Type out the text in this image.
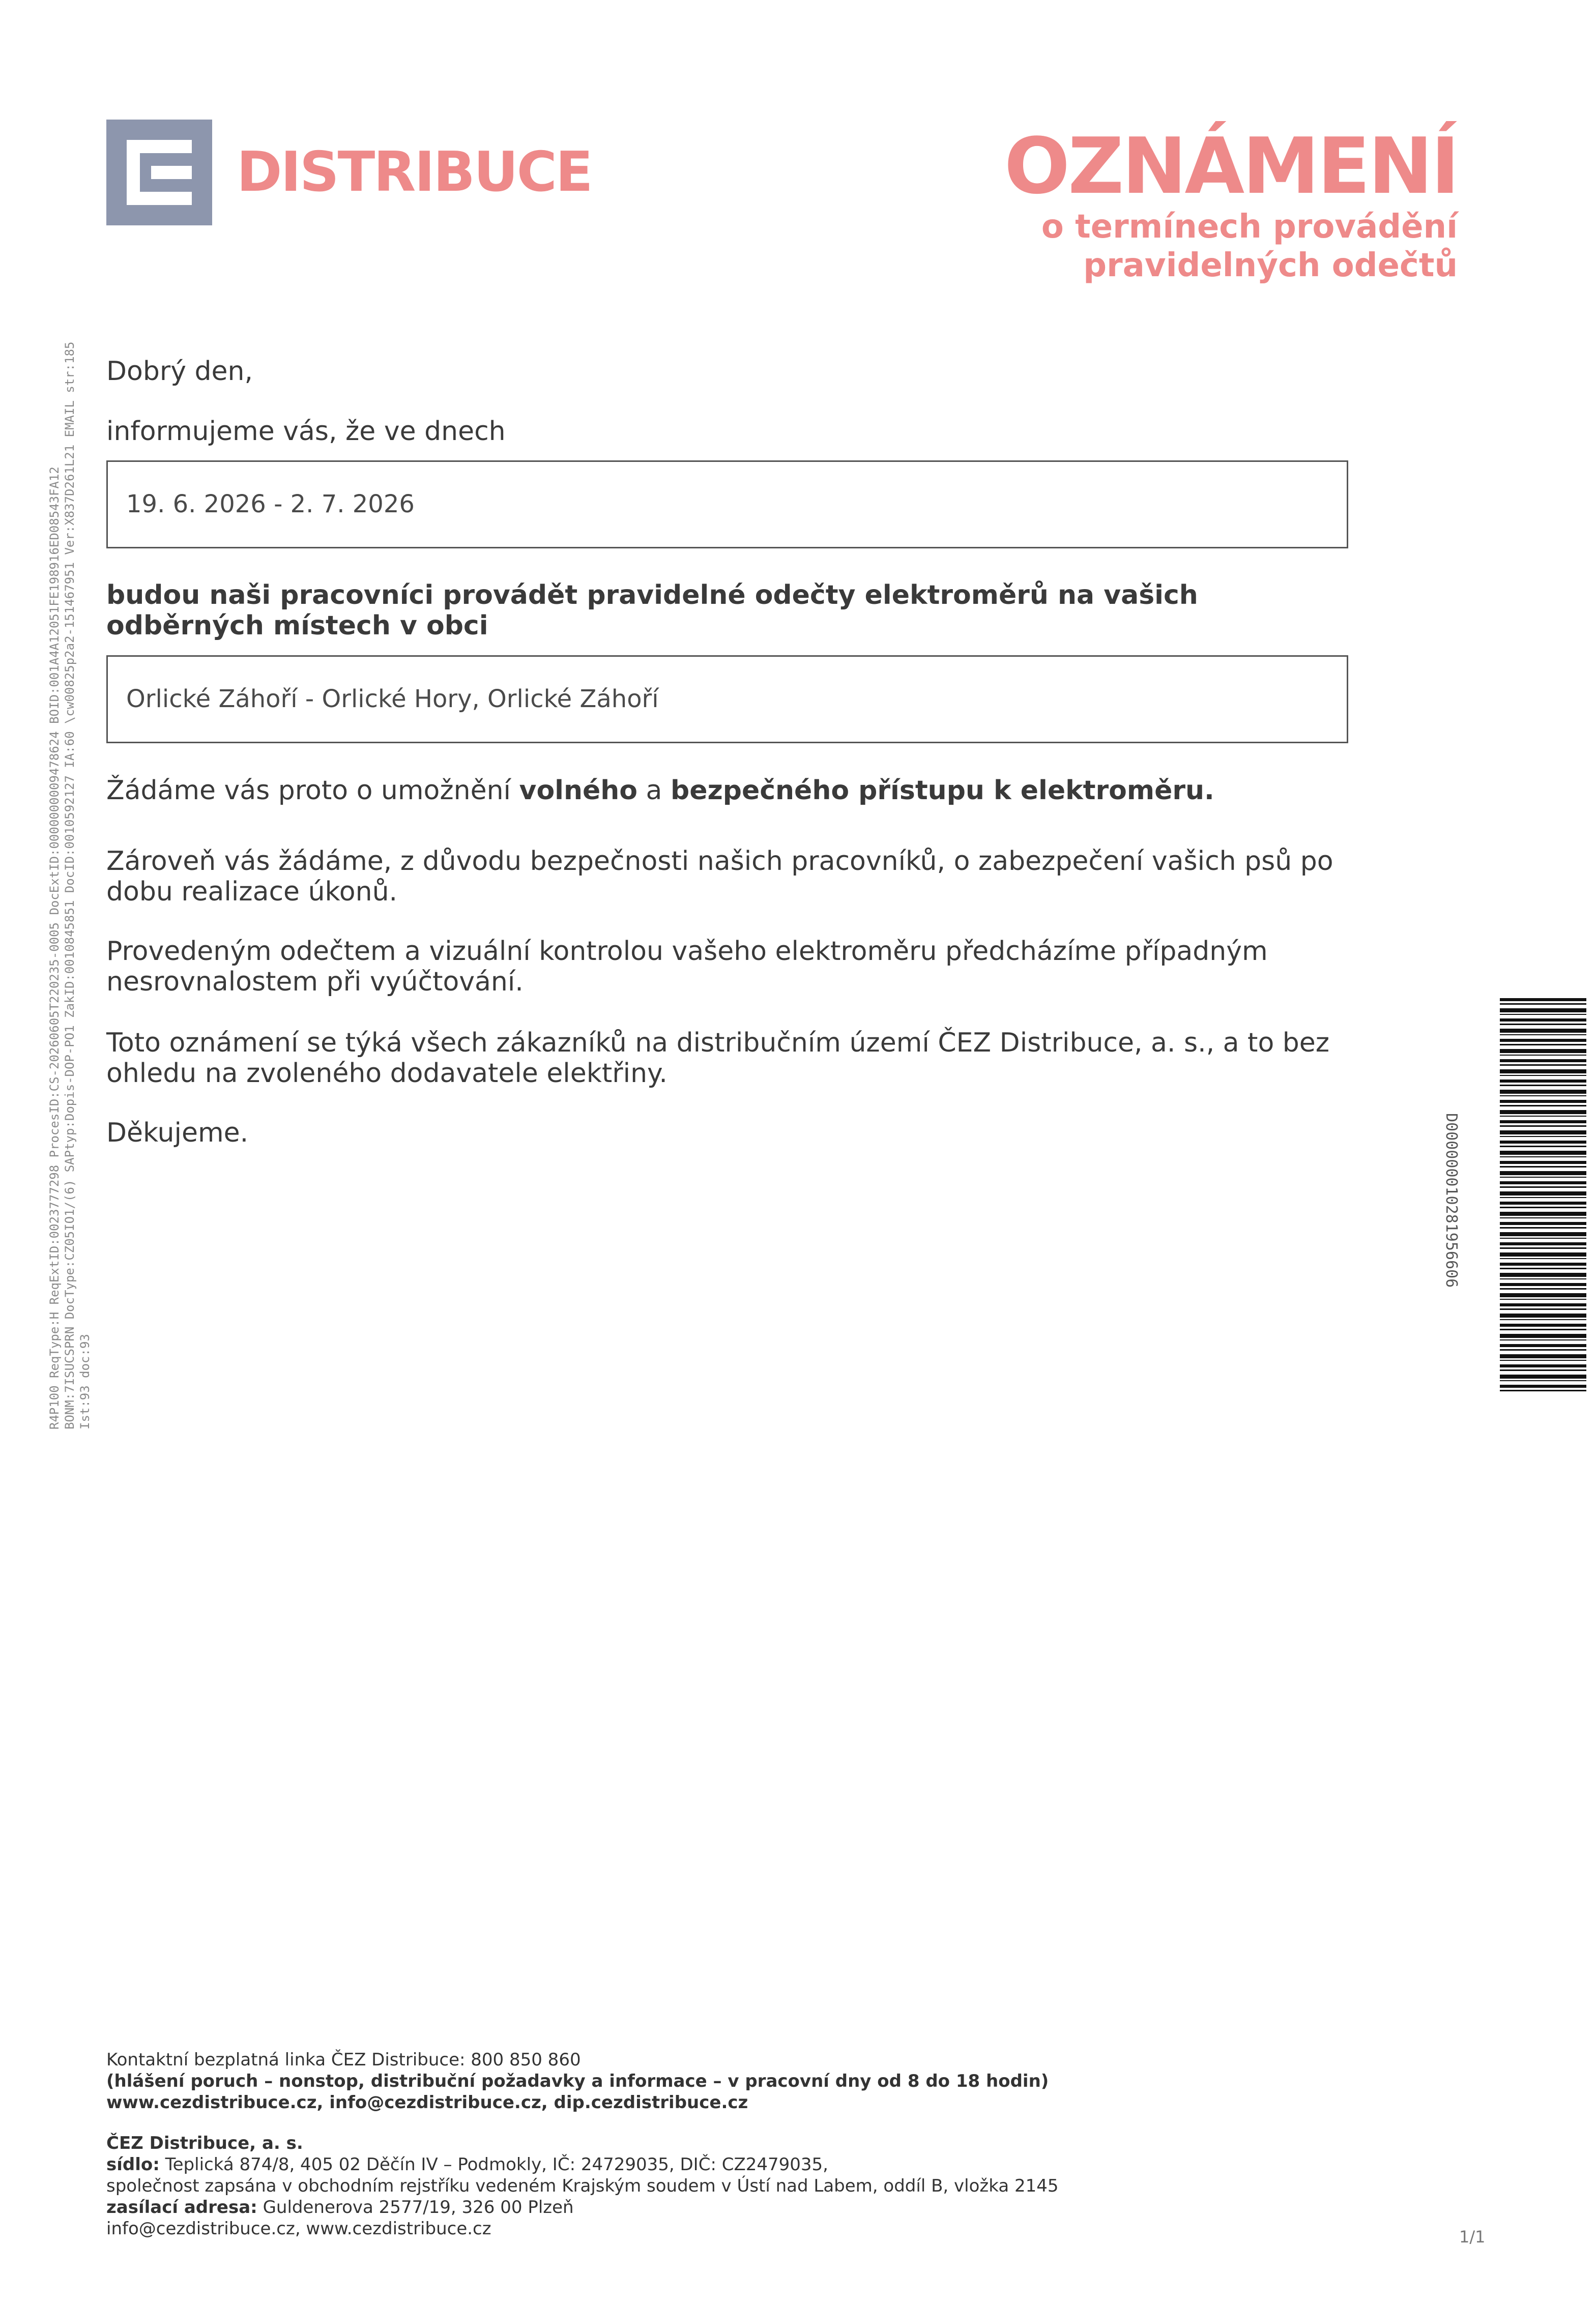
DISTRIBUCE	OZNÁMENÍ
o termínech provádění pravidelných odečtů
R4P100 ReqType:H ReqExtID:0023777298 ProcesID:CS-20260605T220235-0005 DocExtID:0000000009478624 BOID:001A4A12051FE198916ED08543FA12 BONM:7ISUCSPRN DocType:CZ05IO1/(6) SAPtyp:Dopis-DOP-PO1 ZakID:0010845851 DocID:0010592127 IA:60 \cw00825p2a2-151467951 Ver:X837D261L21 EMAIL str:185 Ist:93 doc:93
Dobrý den,
informujeme vás, že ve dnech
19. 6. 2026 - 2. 7. 2026
budou naši pracovníci provádět pravidelné odečty elektroměrů na vašich odběrných místech v obci
Orlické Záhoří - Orlické Hory, Orlické Záhoří
Žádáme vás proto o umožnění volného a bezpečného přístupu k elektroměru.
Zároveň vás žádáme, z důvodu bezpečnosti našich pracovníků, o zabezpečení vašich psů po dobu realizace úkonů.
Provedeným odečtem a vizuální kontrolou vašeho elektroměru předcházíme případným nesrovnalostem při vyúčtování.
Toto oznámení se týká všech zákazníků na distribučním území ČEZ Distribuce, a. s., a to bez ohledu na zvoleného dodavatele elektřiny.
Děkujeme.	D000000010281956606
Kontaktní bezplatná linka ČEZ Distribuce: 800 850 860
(hlášení poruch – nonstop, distribuční požadavky a informace – v pracovní dny od 8 do 18 hodin)
www.cezdistribuce.cz, info@cezdistribuce.cz, dip.cezdistribuce.cz
ČEZ Distribuce, a. s.
sídlo: Teplická 874/8, 405 02 Děčín IV – Podmokly, IČ: 24729035, DIČ: CZ2479035,
společnost zapsána v obchodním rejstříku vedeném Krajským soudem v Ústí nad Labem, oddíl B, vložka 2145
zasílací adresa: Guldenerova 2577/19, 326 00 Plzeň
info@cezdistribuce.cz, www.cezdistribuce.cz	1/1
